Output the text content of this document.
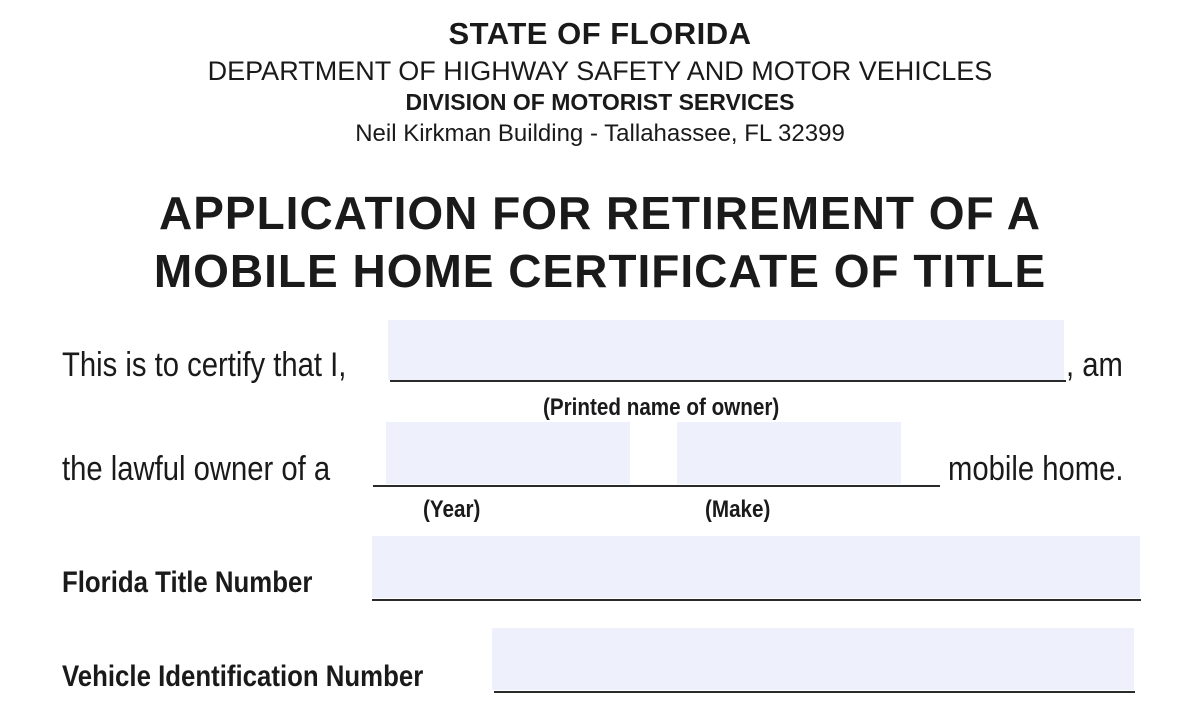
STATE OF FLORIDA
DEPARTMENT OF HIGHWAY SAFETY AND MOTOR VEHICLES
DIVISION OF MOTORIST SERVICES
Neil Kirkman Building - Tallahassee, FL 32399
APPLICATION FOR RETIREMENT OF A
MOBILE HOME CERTIFICATE OF TITLE
This is to certify that I,	, am
(Printed name of owner)
the lawful owner of a	mobile home.
(Year)	(Make)
Florida Title Number
Vehicle Identification Number
